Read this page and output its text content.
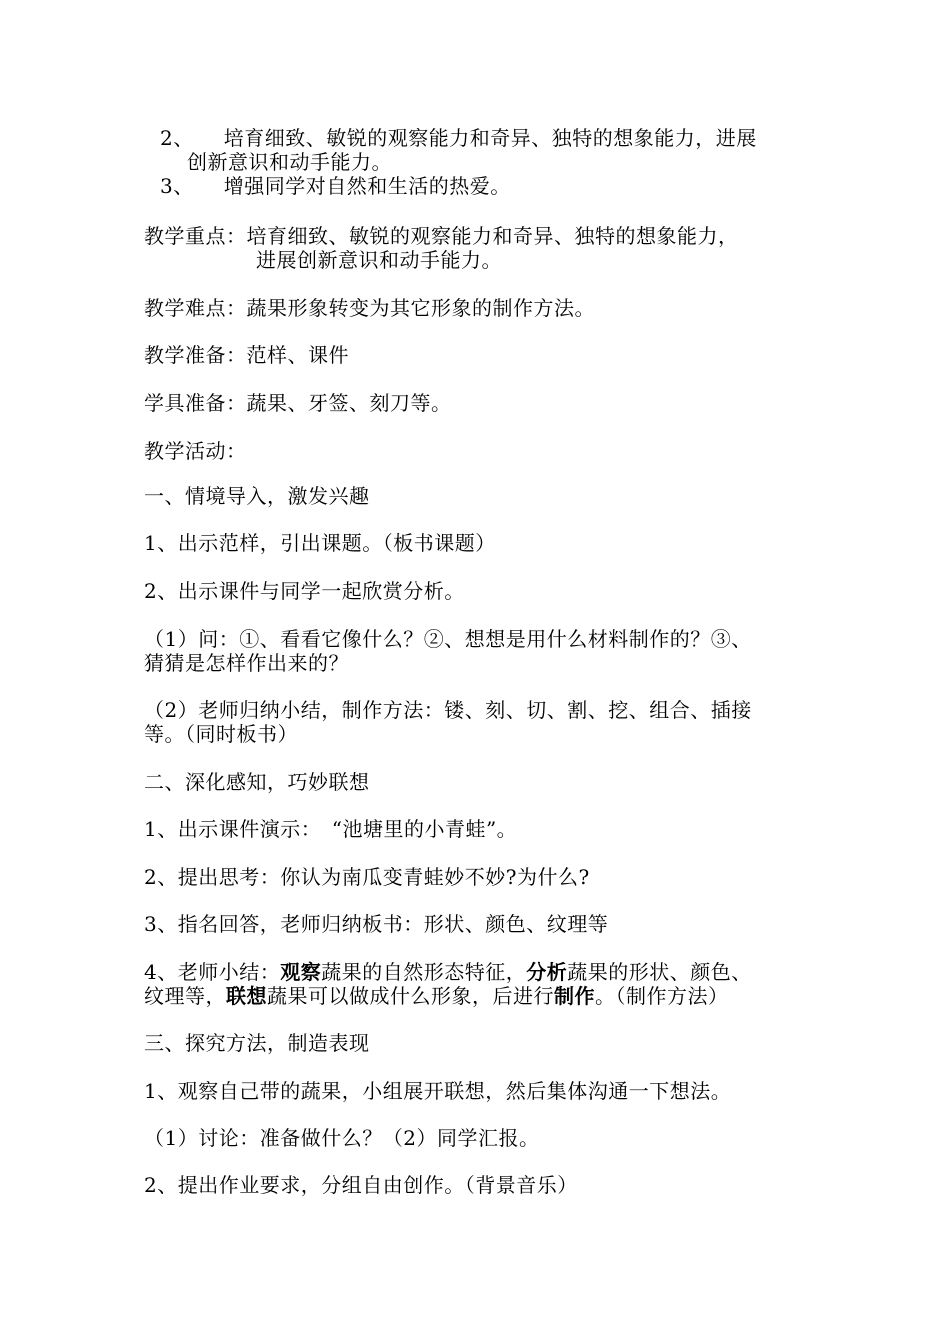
2、 培育细致、敏锐的观察能力和奇异、独特的想象能力，进展
创新意识和动手能力。
3、 增强同学对自然和生活的热爱。
教学重点：培育细致、敏锐的观察能力和奇异、独特的想象能力，
进展创新意识和动手能力。
教学难点：蔬果形象转变为其它形象的制作方法。
教学准备：范样、课件
学具准备：蔬果、牙签、刻刀等。
教学活动：
一、情境导入，激发兴趣
1、出示范样，引出课题。（板书课题）
2、出示课件与同学一起欣赏分析。
（1）问：①、看看它像什么？②、想想是用什么材料制作的？③、
猜猜是怎样作出来的？
（2）老师归纳小结，制作方法：镂、刻、切、割、挖、组合、插接
等。（同时板书）
二、深化感知，巧妙联想
1、出示课件演示：　“池塘里的小青蛙”。
2、提出思考：你认为南瓜变青蛙妙不妙?为什么?
3、指名回答，老师归纳板书：形状、颜色、纹理等
4、老师小结：观察蔬果的自然形态特征，分析蔬果的形状、颜色、
纹理等，联想蔬果可以做成什么形象，后进行制作。（制作方法）
三、探究方法，制造表现
1、观察自己带的蔬果，小组展开联想，然后集体沟通一下想法。
（1）讨论：准备做什么？（2）同学汇报。
2、提出作业要求，分组自由创作。（背景音乐）
